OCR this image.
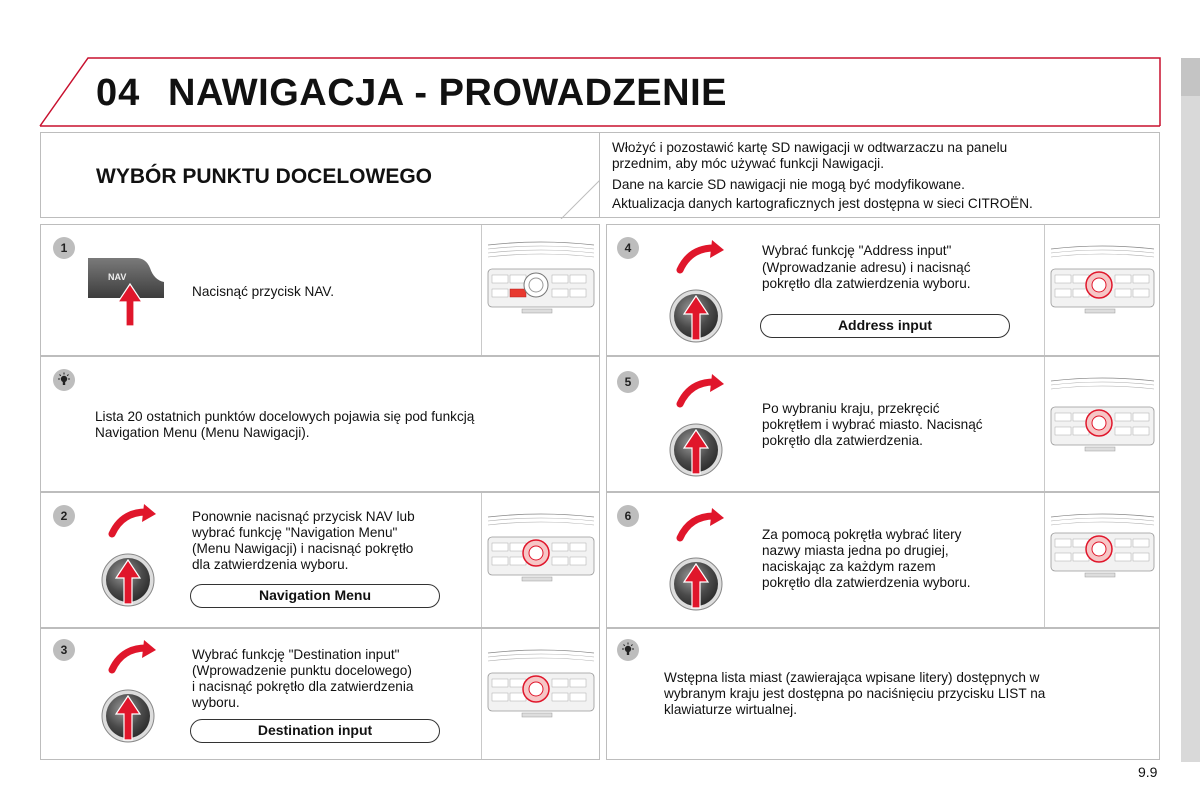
04 NAWIGACJA - PROWADZENIE
9.9
WYBÓR PUNKTU DOCELOWEGO
Włożyć i pozostawić kartę SD nawigacji w odtwarzaczu na panelu
przednim, aby móc używać funkcji Nawigacji.
Dane na karcie SD nawigacji nie mogą być modyfikowane.
Aktualizacja danych kartograficznych jest dostępna w sieci CITROËN.
1
NAV
Nacisnąć przycisk NAV.
Lista 20 ostatnich punktów docelowych pojawia się pod funkcją
Navigation Menu (Menu Nawigacji).
2	Ponownie nacisnąć przycisk NAV lub
wybrać funkcję "Navigation Menu"
(Menu Nawigacji) i nacisnąć pokrętło
dla zatwierdzenia wyboru.
Navigation Menu
3	Wybrać funkcję "Destination input"
(Wprowadzenie punktu docelowego)
i nacisnąć pokrętło dla zatwierdzenia
wyboru.
Destination input
4	Wybrać funkcję "Address input"
(Wprowadzanie adresu) i nacisnąć
pokrętło dla zatwierdzenia wyboru.
Address input
5
Po wybraniu kraju, przekręcić
pokrętłem i wybrać miasto. Nacisnąć
pokrętło dla zatwierdzenia.
6
Za pomocą pokrętła wybrać litery
nazwy miasta jedna po drugiej,
naciskając za każdym razem
pokrętło dla zatwierdzenia wyboru.
Wstępna lista miast (zawierająca wpisane litery) dostępnych w
wybranym kraju jest dostępna po naciśnięciu przycisku LIST na
klawiaturze wirtualnej.
